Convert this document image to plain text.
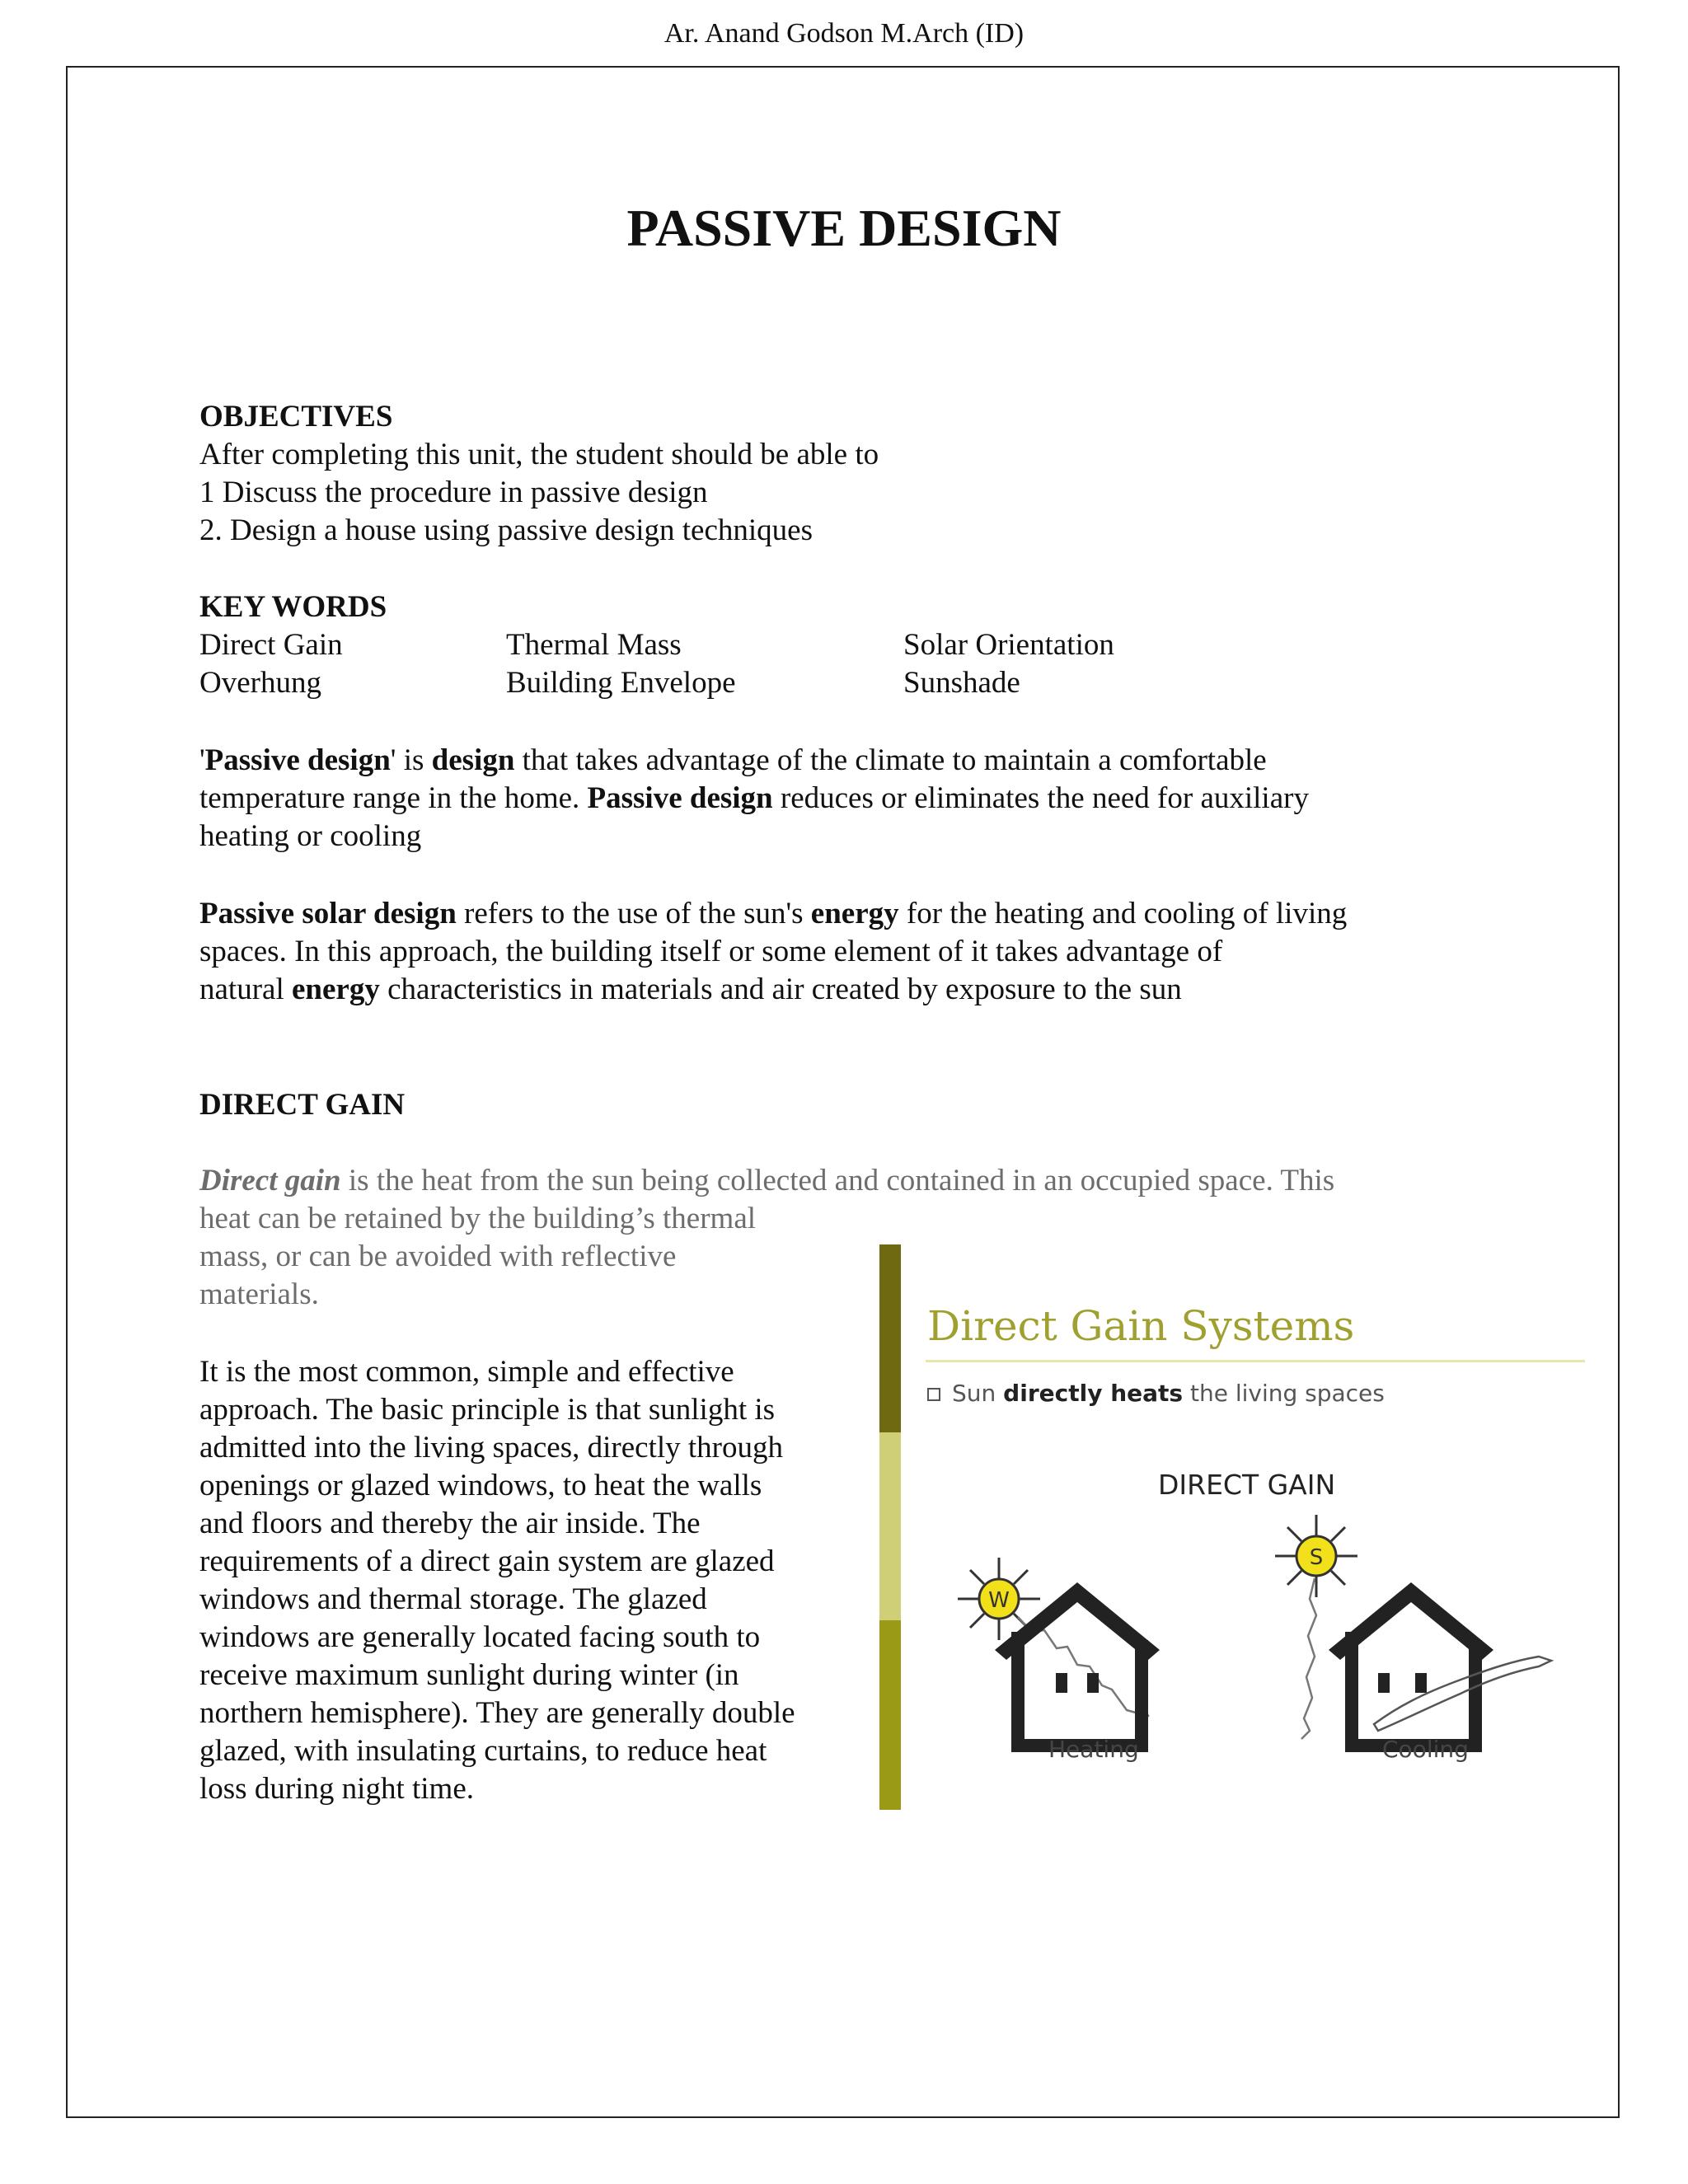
Ar. Anand Godson M.Arch (ID)
PASSIVE DESIGN
OBJECTIVES
After completing this unit, the student should be able to
1 Discuss the procedure in passive design
2. Design a house using passive design techniques
KEY WORDS
Direct Gain	Thermal Mass	Solar Orientation
Overhung	Building Envelope	Sunshade
'Passive design' is design that takes advantage of the climate to maintain a comfortable
temperature range in the home. Passive design reduces or eliminates the need for auxiliary
heating or cooling
Passive solar design refers to the use of the sun's energy for the heating and cooling of living
spaces. In this approach, the building itself or some element of it takes advantage of
natural energy characteristics in materials and air created by exposure to the sun
DIRECT GAIN
Direct gain is the heat from the sun being collected and contained in an occupied space. This
heat can be retained by the building’s thermal
mass, or can be avoided with reflective
materials.
It is the most common, simple and effective
approach. The basic principle is that sunlight is
admitted into the living spaces, directly through
openings or glazed windows, to heat the walls
and floors and thereby the air inside. The
requirements of a direct gain system are glazed
windows and thermal storage. The glazed
windows are generally located facing south to
receive maximum sunlight during winter (in
northern hemisphere). They are generally double
glazed, with insulating curtains, to reduce heat
loss during night time.
Direct Gain Systems
Sun directly heats the living spaces
DIRECT GAIN
W
S
Heating	Cooling
